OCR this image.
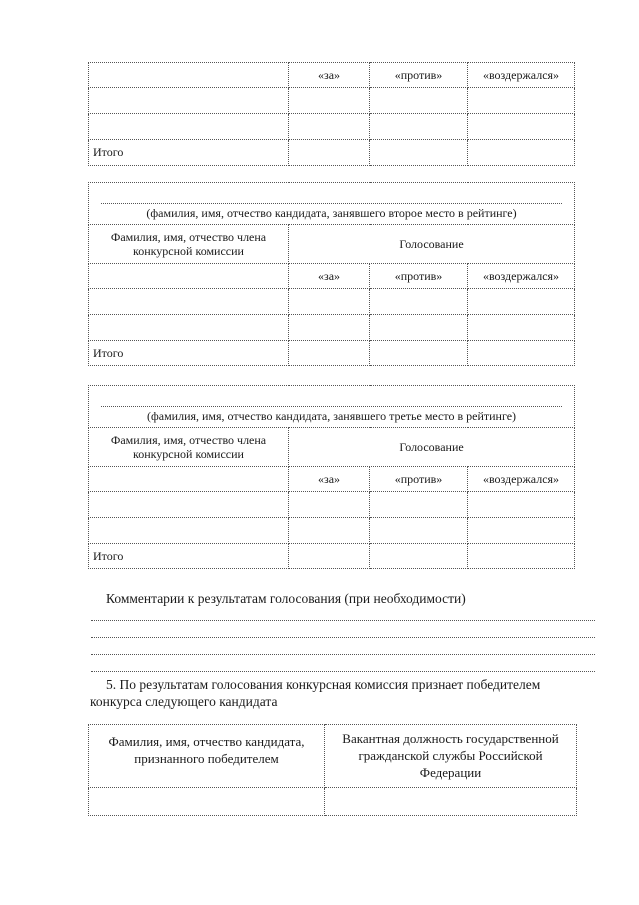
	«за»	«против»	«воздержался»

Итого			
(фамилия, имя, отчество кандидата, занявшего второе место в рейтинге)			

Фамилия, имя, отчество члена конкурсной комиссии	Голосование		
	«за»	«против»	«воздержался»

Итого			
(фамилия, имя, отчество кандидата, занявшего третье место в рейтинге)			

Фамилия, имя, отчество члена конкурсной комиссии	Голосование		
	«за»	«против»	«воздержался»

Итого			
Комментарии к результатам голосования (при необходимости)
5. По результатам голосования конкурсная комиссия признает победителем
конкурса следующего кандидата
Фамилия, имя, отчество кандидата, признанного победителем	Вакантная должность государственной гражданской службы Российской Федерации
